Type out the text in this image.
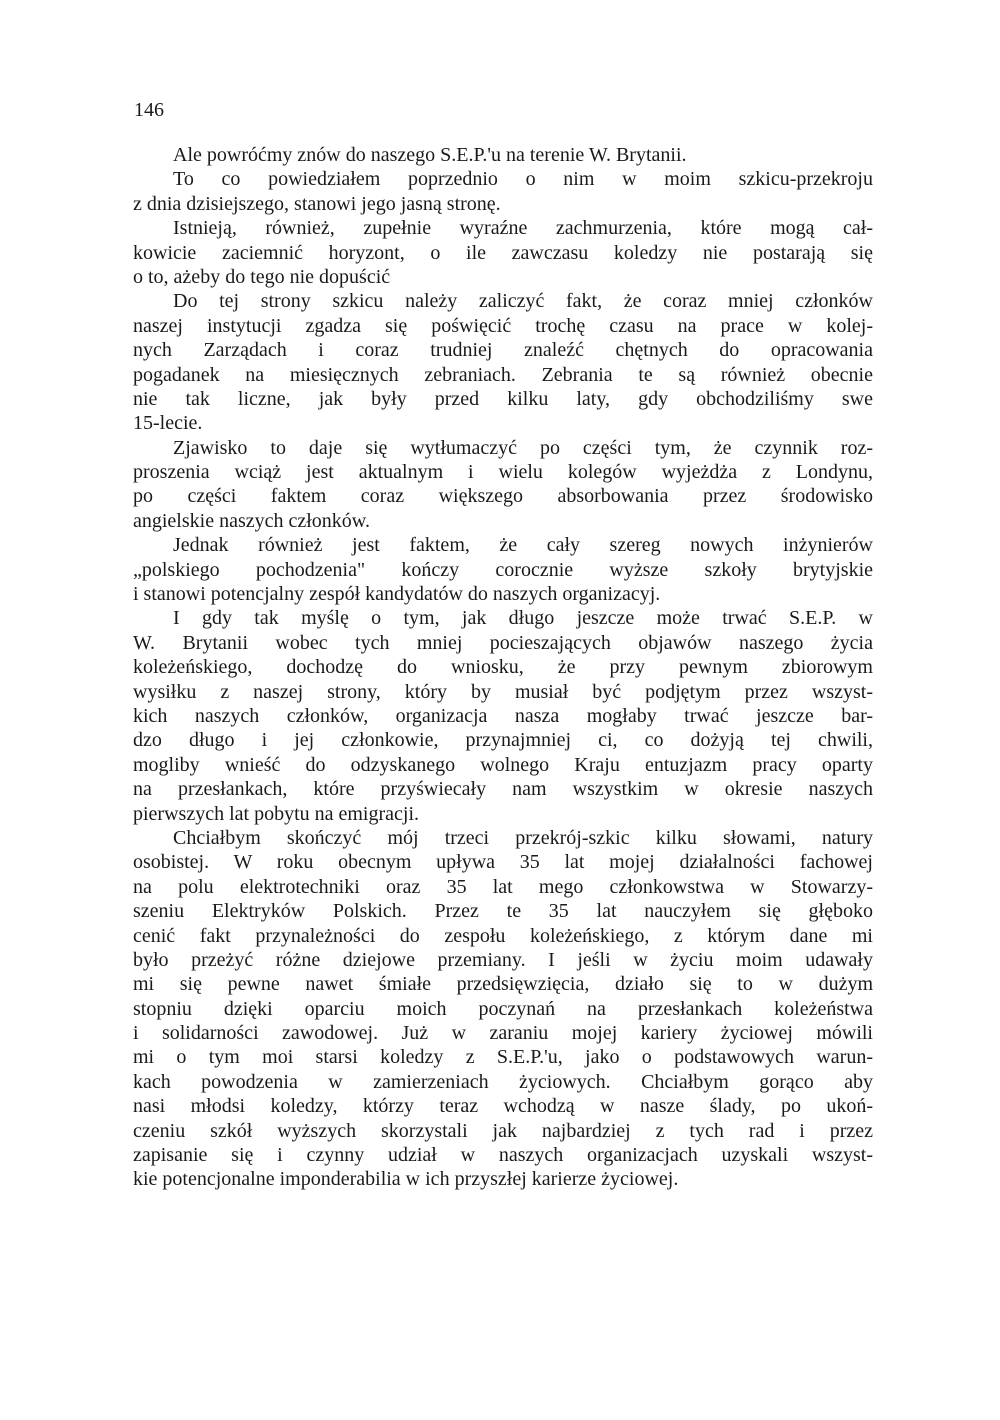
146
Ale powróćmy znów do naszego S.E.P.'u na terenie W. Brytanii.
To co powiedziałem poprzednio o nim w moim szkicu-przekroju
z dnia dzisiejszego, stanowi jego jasną stronę.
Istnieją, również, zupełnie wyraźne zachmurzenia, które mogą cał-
kowicie zaciemnić horyzont, o ile zawczasu koledzy nie postarają się
o to, ażeby do tego nie dopuścić
Do tej strony szkicu należy zaliczyć fakt, że coraz mniej członków
naszej instytucji zgadza się poświęcić trochę czasu na prace w kolej-
nych Zarządach i coraz trudniej znaleźć chętnych do opracowania
pogadanek na miesięcznych zebraniach. Zebrania te są również obecnie
nie tak liczne, jak były przed kilku laty, gdy obchodziliśmy swe
15-lecie.
Zjawisko to daje się wytłumaczyć po części tym, że czynnik roz-
proszenia wciąż jest aktualnym i wielu kolegów wyjeżdża z Londynu,
po części faktem coraz większego absorbowania przez środowisko
angielskie naszych członków.
Jednak również jest faktem, że cały szereg nowych inżynierów
„polskiego pochodzenia" kończy corocznie wyższe szkoły brytyjskie
i stanowi potencjalny zespół kandydatów do naszych organizacyj.
I gdy tak myślę o tym, jak długo jeszcze może trwać S.E.P. w
W. Brytanii wobec tych mniej pocieszających objawów naszego życia
koleżeńskiego, dochodzę do wniosku, że przy pewnym zbiorowym
wysiłku z naszej strony, który by musiał być podjętym przez wszyst-
kich naszych członków, organizacja nasza mogłaby trwać jeszcze bar-
dzo długo i jej członkowie, przynajmniej ci, co dożyją tej chwili,
mogliby wnieść do odzyskanego wolnego Kraju entuzjazm pracy oparty
na przesłankach, które przyświecały nam wszystkim w okresie naszych
pierwszych lat pobytu na emigracji.
Chciałbym skończyć mój trzeci przekrój-szkic kilku słowami, natury
osobistej. W roku obecnym upływa 35 lat mojej działalności fachowej
na polu elektrotechniki oraz 35 lat mego członkowstwa w Stowarzy-
szeniu Elektryków Polskich. Przez te 35 lat nauczyłem się głęboko
cenić fakt przynależności do zespołu koleżeńskiego, z którym dane mi
było przeżyć różne dziejowe przemiany. I jeśli w życiu moim udawały
mi się pewne nawet śmiałe przedsięwzięcia, działo się to w dużym
stopniu dzięki oparciu moich poczynań na przesłankach koleżeństwa
i solidarności zawodowej. Już w zaraniu mojej kariery życiowej mówili
mi o tym moi starsi koledzy z S.E.P.'u, jako o podstawowych warun-
kach powodzenia w zamierzeniach życiowych. Chciałbym gorąco aby
nasi młodsi koledzy, którzy teraz wchodzą w nasze ślady, po ukoń-
czeniu szkół wyższych skorzystali jak najbardziej z tych rad i przez
zapisanie się i czynny udział w naszych organizacjach uzyskali wszyst-
kie potencjonalne imponderabilia w ich przyszłej karierze życiowej.
